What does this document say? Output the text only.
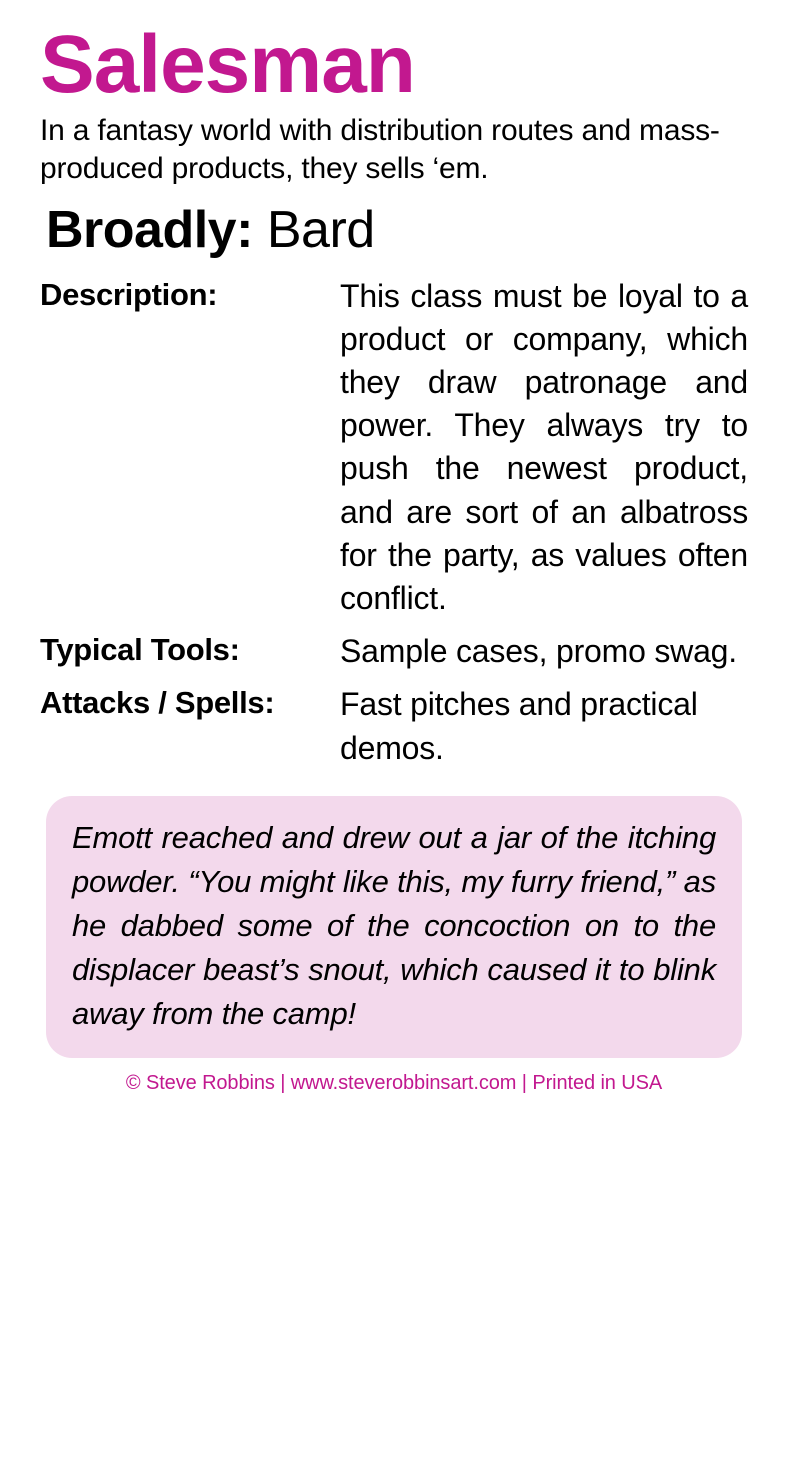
Salesman

In a fantasy world with distribution routes and mass-produced products, they sells ‘em.

Broadly: Bard
Description:	This class must be loyal to a product or company, which they draw patronage and power. They always try to push the newest product, and are sort of an albatross for the party, as values often conflict.
Typical Tools:	Sample cases, promo swag.
Attacks / Spells:	Fast pitches and practical demos.
Emott reached and drew out a jar of the itching powder. “You might like this, my furry friend,” as he dabbed some of the concoction on to the displacer beast’s snout, which caused it to blink away from the camp!
© Steve Robbins | www.steverobbinsart.com | Printed in USA
